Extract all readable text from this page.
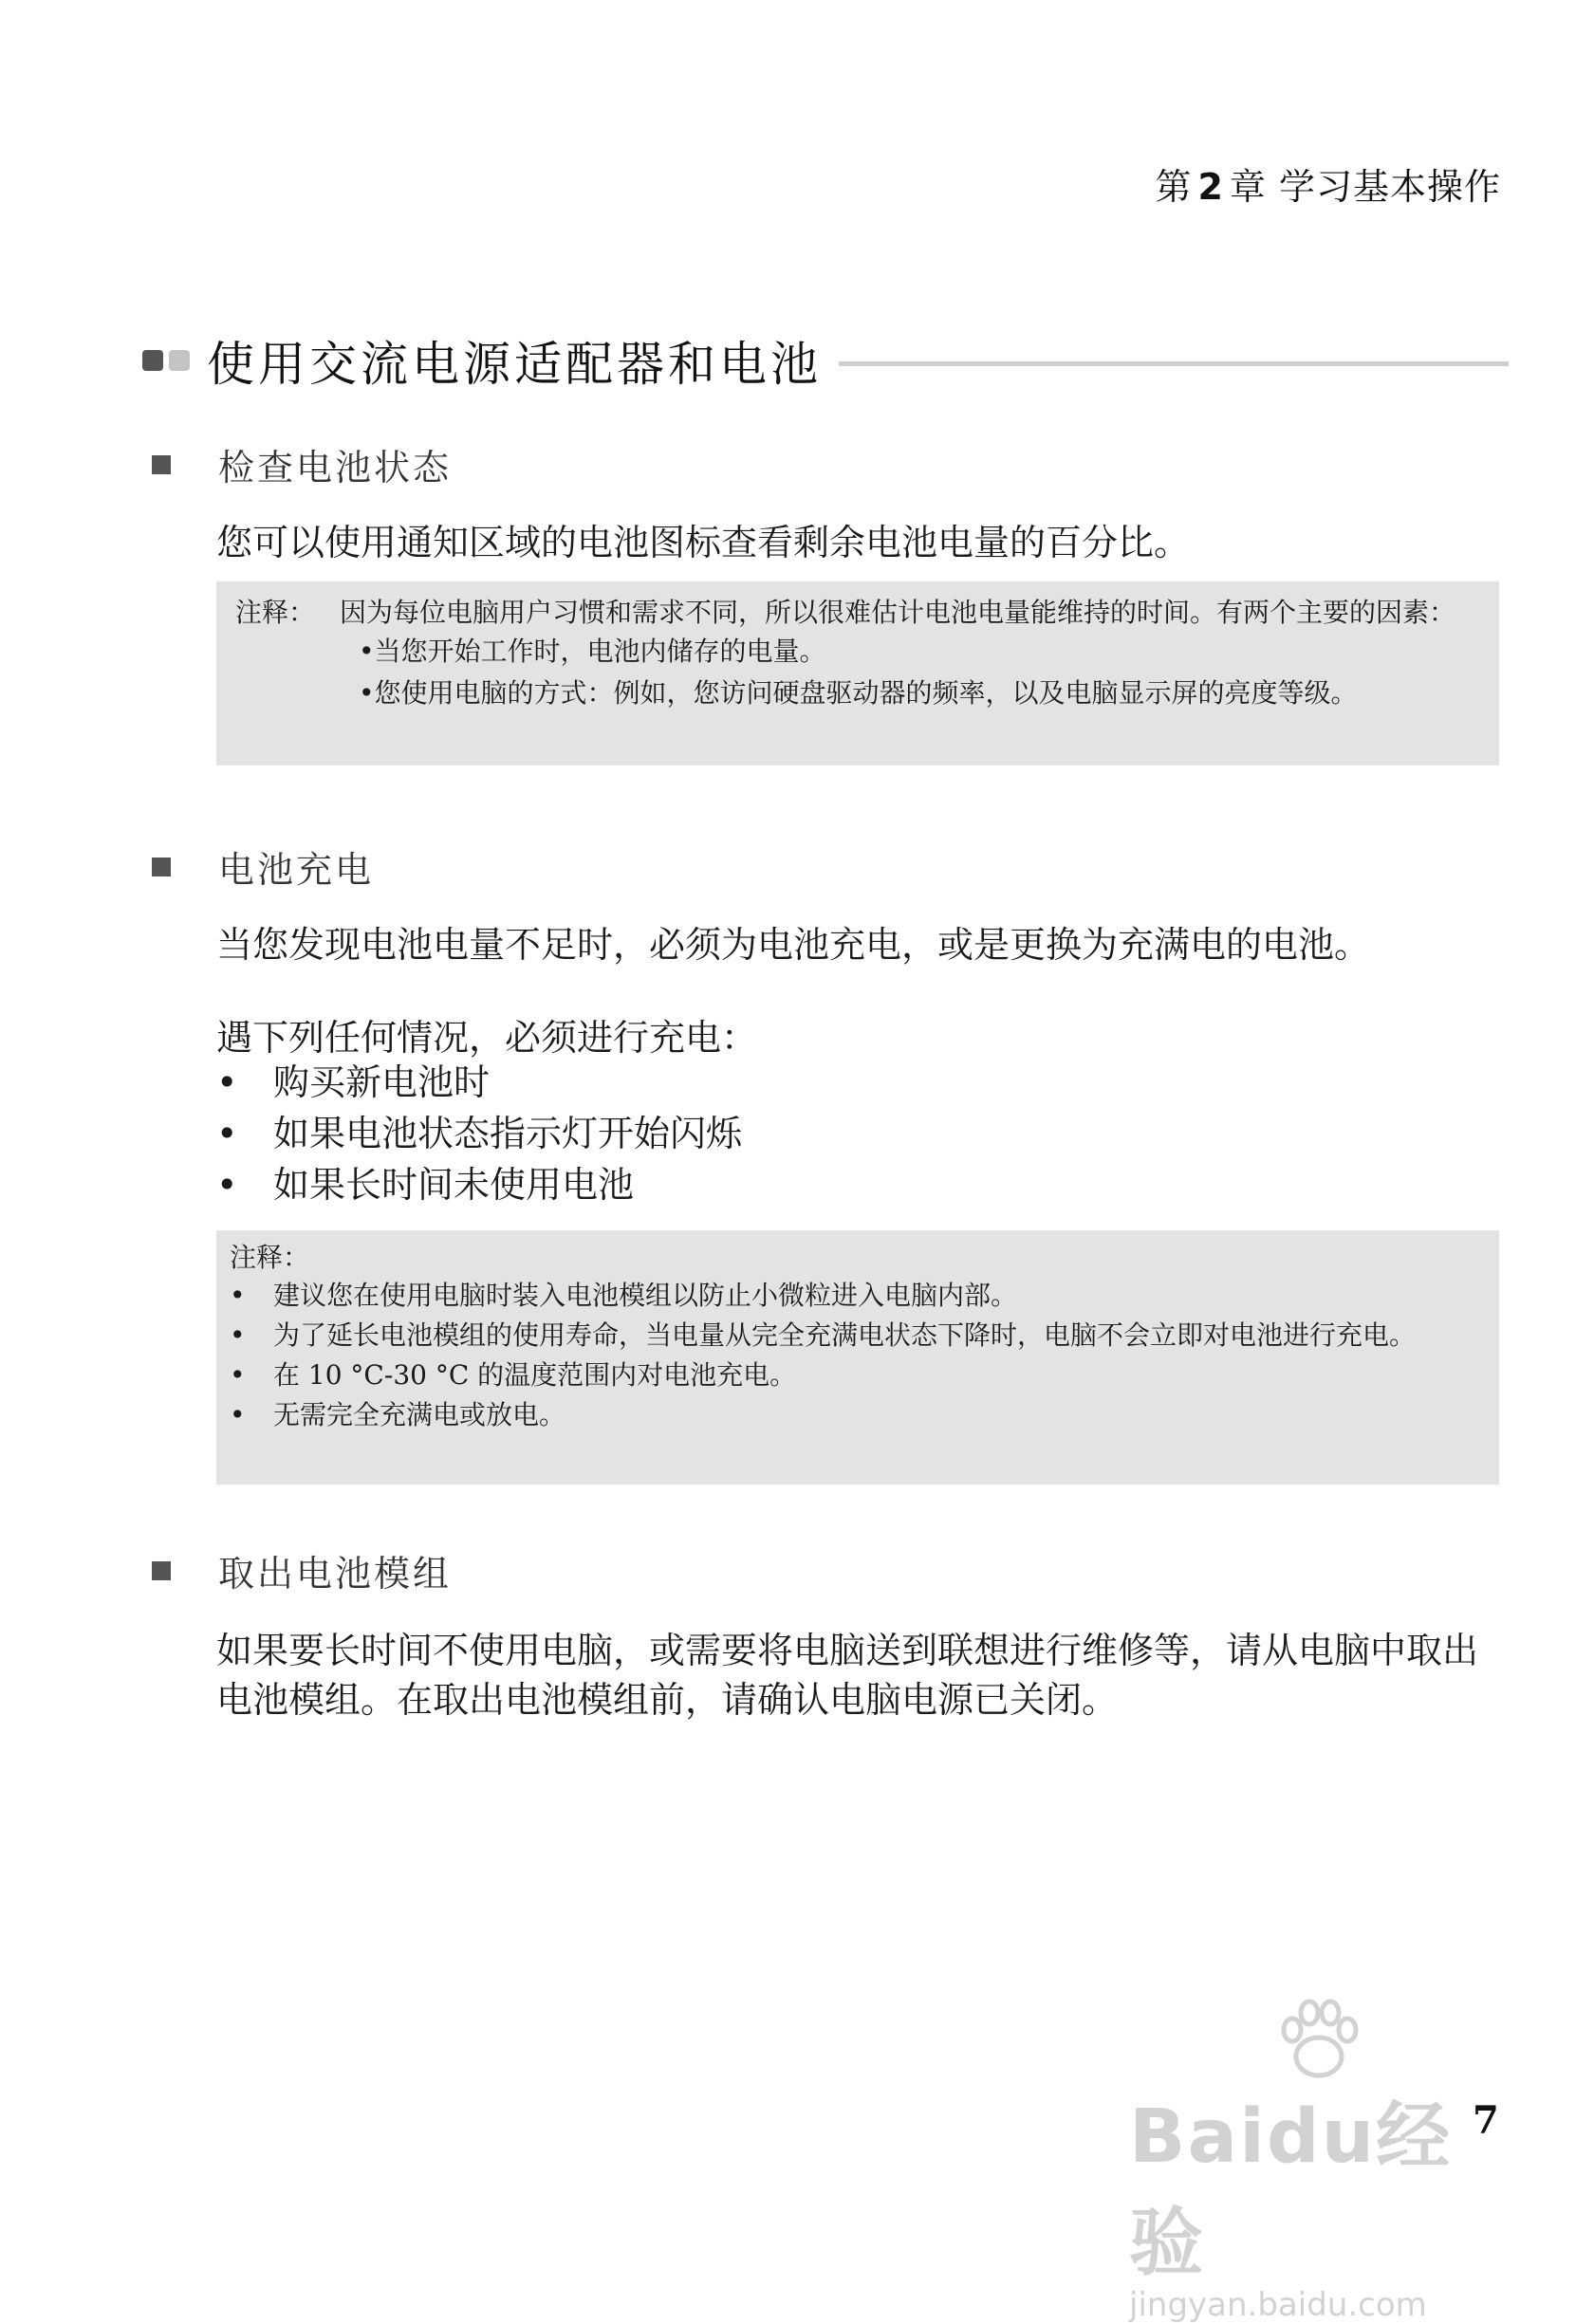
第 2 章 学习基本操作
使用交流电源适配器和电池
检查电池状态
您可以使用通知区域的电池图标查看剩余电池电量的百分比。
注释： 因为每位电脑用户习惯和需求不同，所以很难估计电池电量能维持的时间。有两个主要的因素：
•当您开始工作时，电池内储存的电量。
•您使用电脑的方式：例如，您访问硬盘驱动器的频率，以及电脑显示屏的亮度等级。
电池充电
当您发现电池电量不足时，必须为电池充电，或是更换为充满电的电池。
遇下列任何情况，必须进行充电：
• 购买新电池时
• 如果电池状态指示灯开始闪烁
• 如果长时间未使用电池
注释：
•	建议您在使用电脑时装入电池模组以防止小微粒进入电脑内部。
•	为了延长电池模组的使用寿命，当电量从完全充满电状态下降时，电脑不会立即对电池进行充电。
•	在 10 °C-30 °C 的温度范围内对电池充电。
•	无需完全充满电或放电。
取出电池模组
如果要长时间不使用电脑，或需要将电脑送到联想进行维修等，请从电脑中取出电池模组。在取出电池模组前，请确认电脑电源已关闭。
Baidu经验
jingyan.baidu.com
7
